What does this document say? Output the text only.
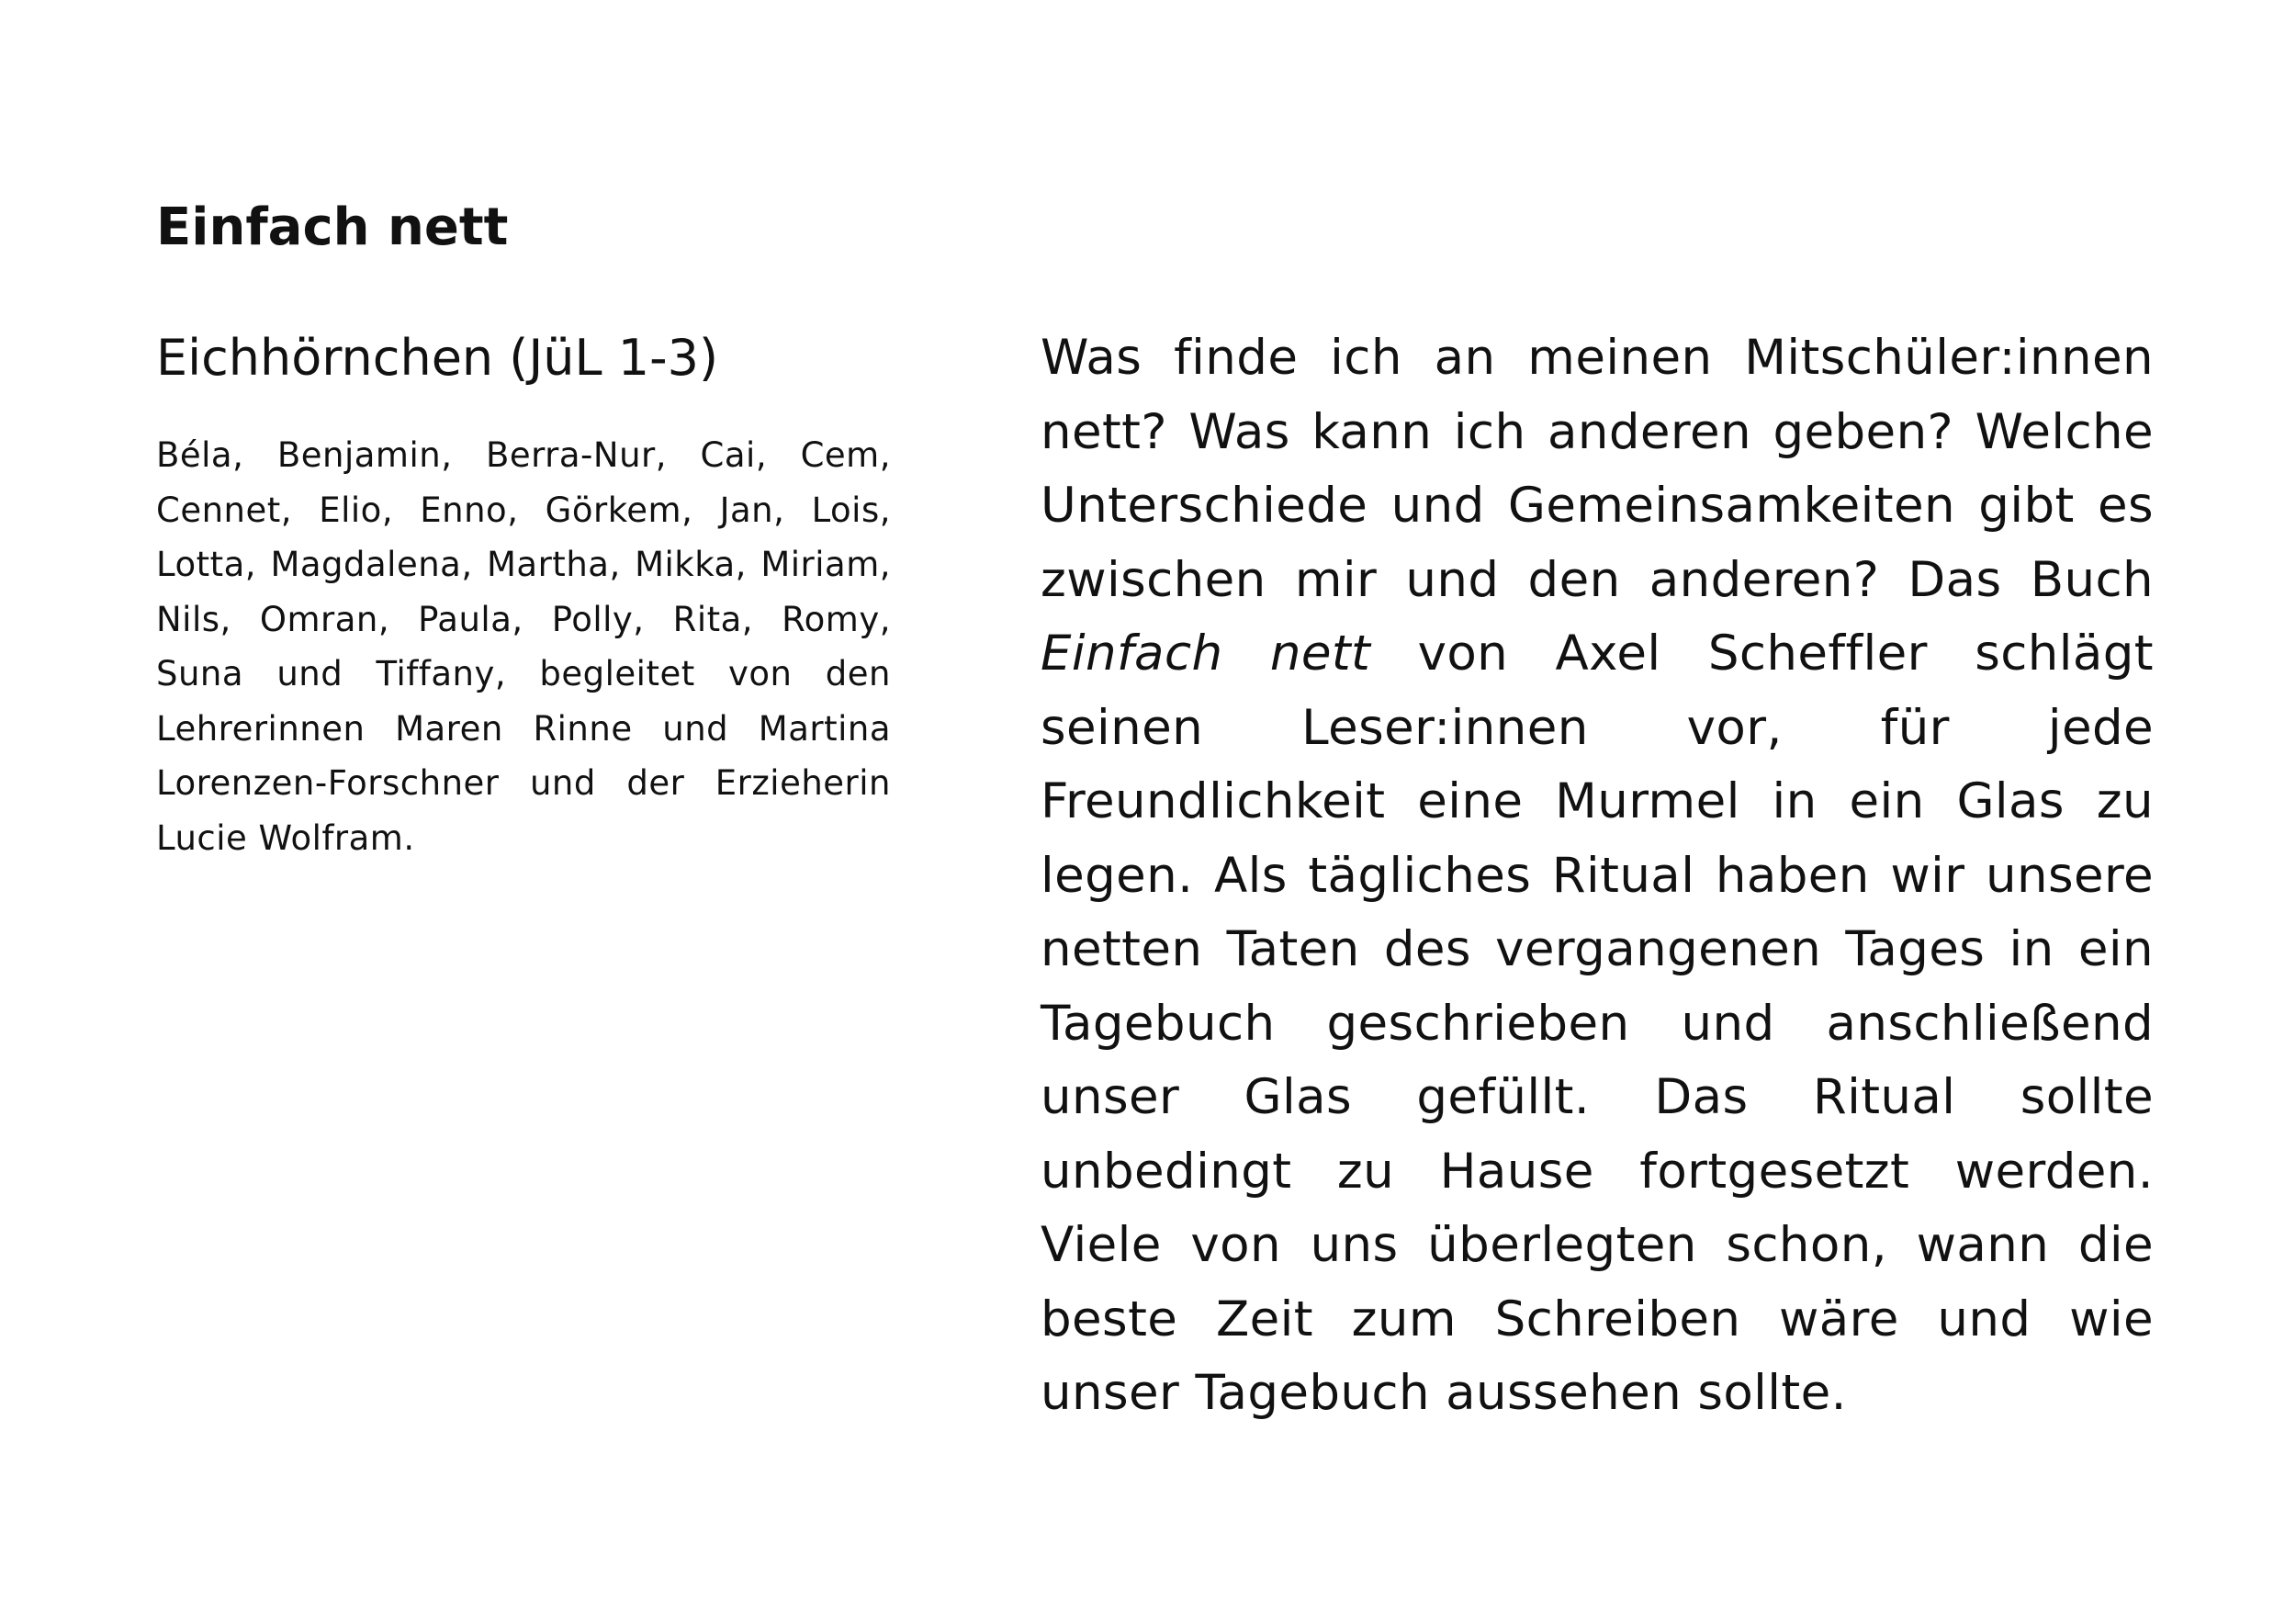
Einfach nett
Eichhörnchen (JüL 1-3)

Béla, Benjamin, Berra-Nur, Cai, Cem, Cennet, Elio, Enno, Görkem, Jan, Lois, Lotta, Magdalena, Martha, Mikka, Miriam, Nils, Omran, Paula, Polly, Rita, Romy, Suna und Tiffany, begleitet von den Lehrerinnen Maren Rinne und Martina Lorenzen-Forschner und der Erzieherin Lucie Wolfram.

Was finde ich an meinen Mitschüler:innen nett? Was kann ich anderen geben? Welche Unterschiede und Gemeinsamkeiten gibt es zwischen mir und den anderen? Das Buch Einfach nett von Axel Scheffler schlägt seinen Leser:innen vor, für jede Freundlichkeit eine Murmel in ein Glas zu legen. Als tägliches Ritual haben wir unsere netten Taten des vergangenen Tages in ein Tagebuch geschrieben und anschließend unser Glas gefüllt. Das Ritual sollte unbedingt zu Hause fortgesetzt werden. Viele von uns überlegten schon, wann die beste Zeit zum Schreiben wäre und wie unser Tagebuch aussehen sollte.
